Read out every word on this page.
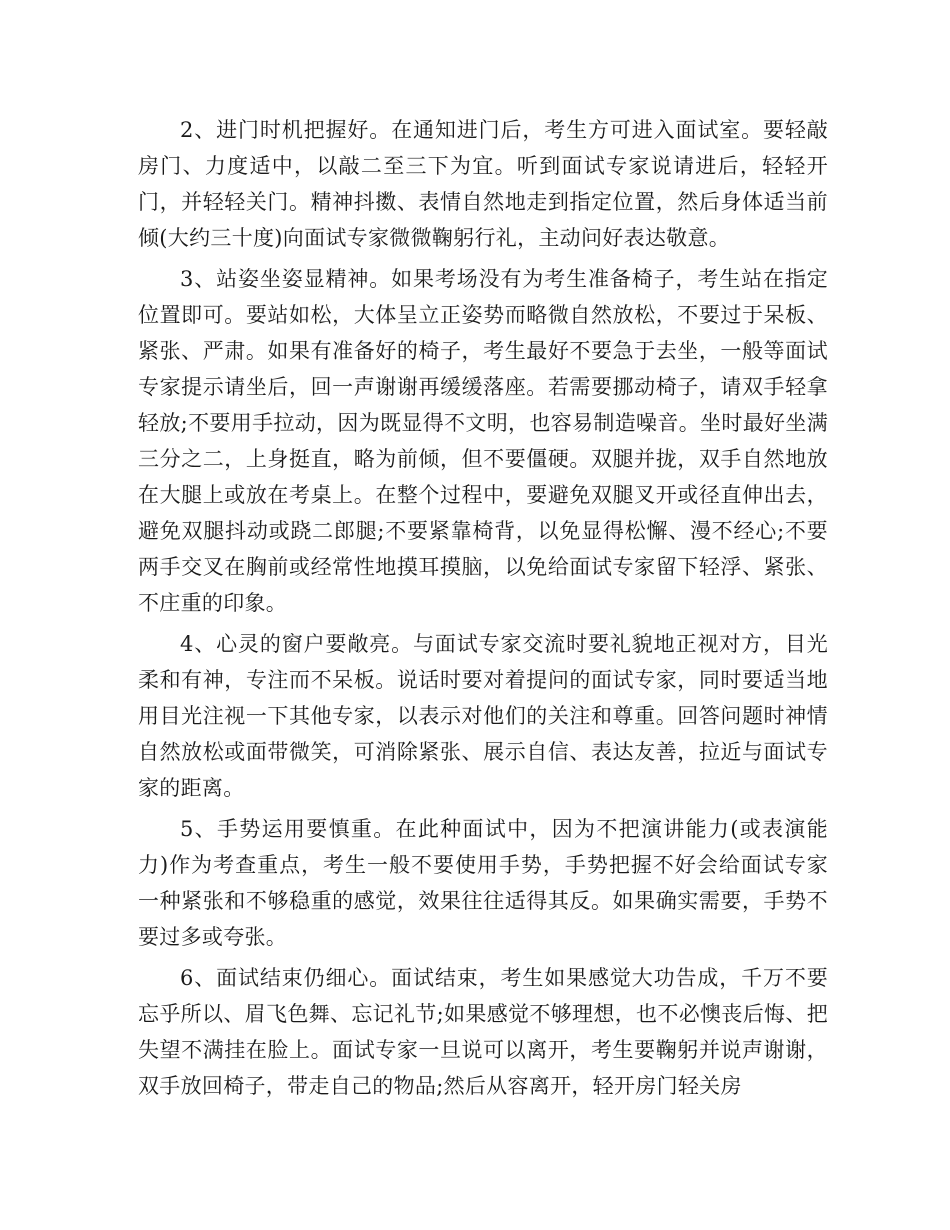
2、进门时机把握好。在通知进门后，考生方可进入面试室。要轻敲房门、力度适中，以敲二至三下为宜。听到面试专家说请进后，轻轻开门，并轻轻关门。精神抖擞、表情自然地走到指定位置，然后身体适当前倾(大约三十度)向面试专家微微鞠躬行礼，主动问好表达敬意。

3、站姿坐姿显精神。如果考场没有为考生准备椅子，考生站在指定位置即可。要站如松，大体呈立正姿势而略微自然放松，不要过于呆板、紧张、严肃。如果有准备好的椅子，考生最好不要急于去坐，一般等面试专家提示请坐后，回一声谢谢再缓缓落座。若需要挪动椅子，请双手轻拿轻放;不要用手拉动，因为既显得不文明，也容易制造噪音。坐时最好坐满三分之二，上身挺直，略为前倾，但不要僵硬。双腿并拢，双手自然地放在大腿上或放在考桌上。在整个过程中，要避免双腿叉开或径直伸出去，避免双腿抖动或跷二郎腿;不要紧靠椅背，以免显得松懈、漫不经心;不要两手交叉在胸前或经常性地摸耳摸脑，以免给面试专家留下轻浮、紧张、不庄重的印象。

4、心灵的窗户要敞亮。与面试专家交流时要礼貌地正视对方，目光柔和有神，专注而不呆板。说话时要对着提问的面试专家，同时要适当地用目光注视一下其他专家，以表示对他们的关注和尊重。回答问题时神情自然放松或面带微笑，可消除紧张、展示自信、表达友善，拉近与面试专家的距离。

5、手势运用要慎重。在此种面试中，因为不把演讲能力(或表演能力)作为考查重点，考生一般不要使用手势，手势把握不好会给面试专家一种紧张和不够稳重的感觉，效果往往适得其反。如果确实需要，手势不要过多或夸张。

6、面试结束仍细心。面试结束，考生如果感觉大功告成，千万不要忘乎所以、眉飞色舞、忘记礼节;如果感觉不够理想，也不必懊丧后悔、把失望不满挂在脸上。面试专家一旦说可以离开，考生要鞠躬并说声谢谢，双手放回椅子，带走自己的物品;然后从容离开，轻开房门轻关房
